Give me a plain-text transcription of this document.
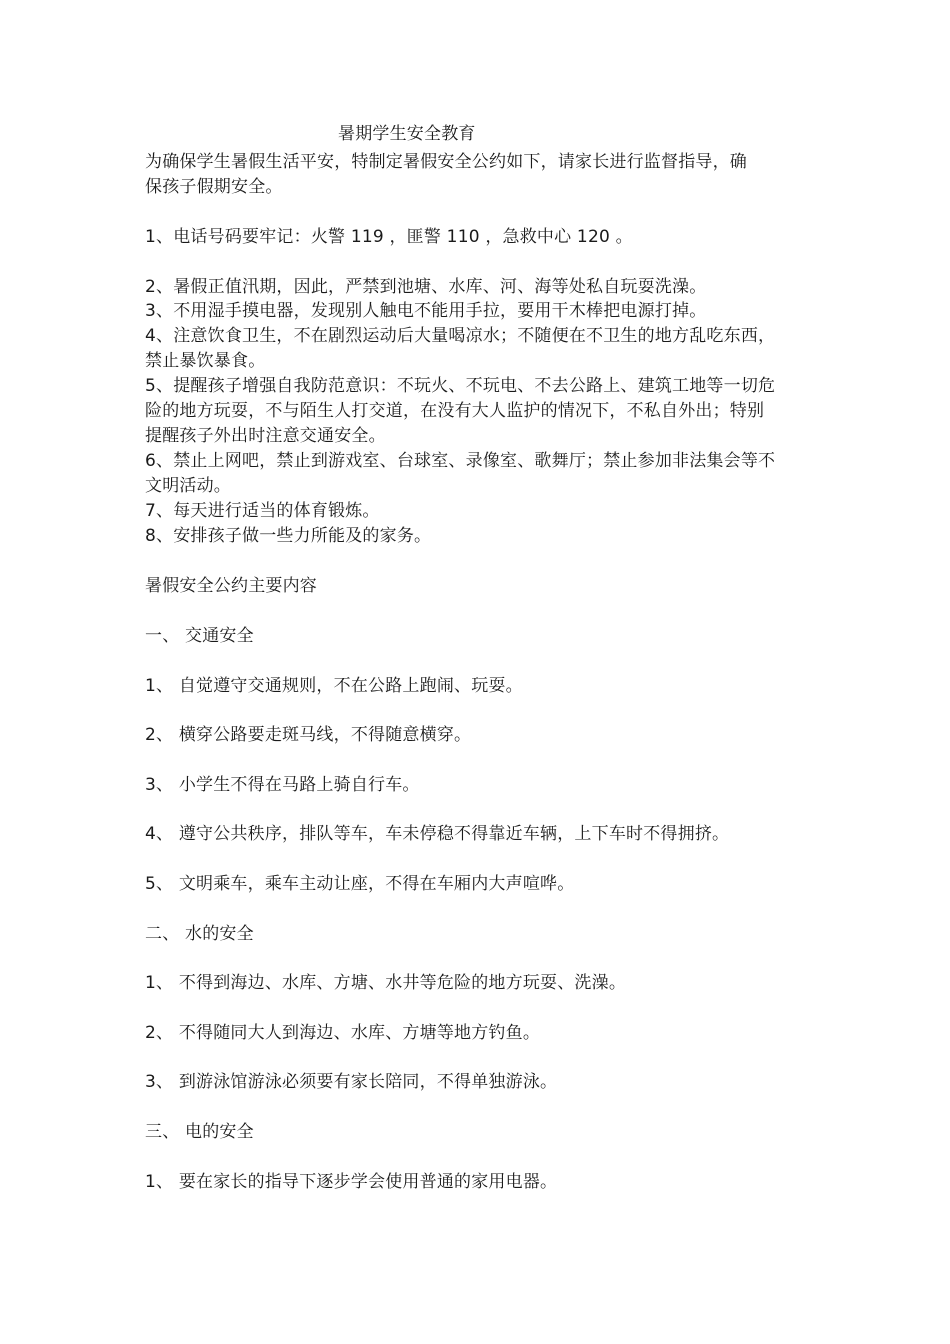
暑期学生安全教育
为确保学生暑假生活平安，特制定暑假安全公约如下，请家长进行监督指导，确
保孩子假期安全。
1、电话号码要牢记：火警 119 ，匪警 110 ，急救中心 120 。
2、暑假正值汛期，因此，严禁到池塘、水库、河、海等处私自玩耍洗澡。
3、不用湿手摸电器，发现别人触电不能用手拉，要用干木棒把电源打掉。
4、注意饮食卫生，不在剧烈运动后大量喝凉水；不随便在不卫生的地方乱吃东西，
禁止暴饮暴食。
5、提醒孩子增强自我防范意识：不玩火、不玩电、不去公路上、建筑工地等一切危
险的地方玩耍，不与陌生人打交道，在没有大人监护的情况下，不私自外出；特别
提醒孩子外出时注意交通安全。
6、禁止上网吧，禁止到游戏室、台球室、录像室、歌舞厅；禁止参加非法集会等不
文明活动。
7、每天进行适当的体育锻炼。
8、安排孩子做一些力所能及的家务。
暑假安全公约主要内容
一、 交通安全
1、 自觉遵守交通规则，不在公路上跑闹、玩耍。
2、 横穿公路要走斑马线，不得随意横穿。
3、 小学生不得在马路上骑自行车。
4、 遵守公共秩序，排队等车，车未停稳不得靠近车辆，上下车时不得拥挤。
5、 文明乘车，乘车主动让座，不得在车厢内大声喧哗。
二、 水的安全
1、 不得到海边、水库、方塘、水井等危险的地方玩耍、洗澡。
2、 不得随同大人到海边、水库、方塘等地方钓鱼。
3、 到游泳馆游泳必须要有家长陪同，不得单独游泳。
三、 电的安全
1、 要在家长的指导下逐步学会使用普通的家用电器。
